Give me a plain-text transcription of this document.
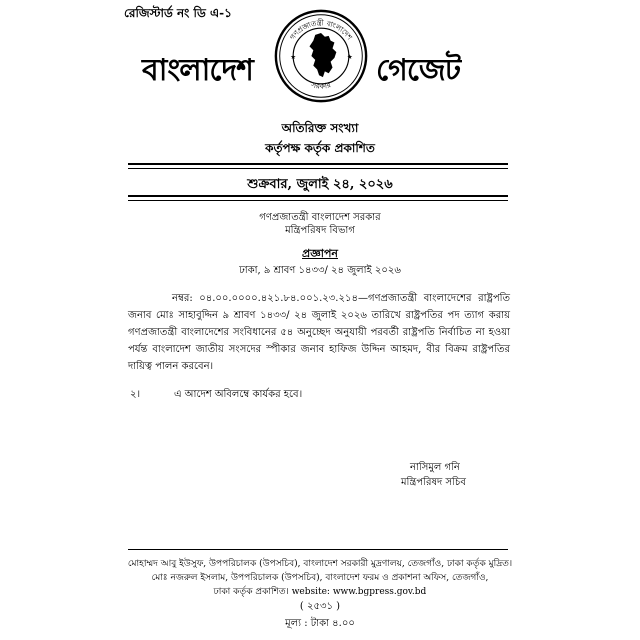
রেজিস্টার্ড নং ডি এ-১
বাংলাদেশ
গণপ্রজাতন্ত্রী বাংলাদেশ
সরকার
★	★ গেজেট
অতিরিক্ত সংখ্যা
কর্তৃপক্ষ কর্তৃক প্রকাশিত
শুক্রবার, জুলাই ২৪, ২০২৬
গণপ্রজাতন্ত্রী বাংলাদেশ সরকার
মন্ত্রিপরিষদ বিভাগ
প্রজ্ঞাপন
ঢাকা, ৯ শ্রাবণ ১৪৩৩/ ২৪ জুলাই ২০২৬
নম্বর: ০৪.০০.০০০০.৪২১.৮৪.০০১.২৩.২১৪—গণপ্রজাতন্ত্রী বাংলাদেশের রাষ্ট্রপতি জনাব মোঃ সাহাবুদ্দিন ৯ শ্রাবণ ১৪৩৩/ ২৪ জুলাই ২০২৬ তারিখে রাষ্ট্রপতির পদ ত্যাগ করায় গণপ্রজাতন্ত্রী বাংলাদেশের সংবিধানের ৫৪ অনুচ্ছেদ অনুযায়ী পরবর্তী রাষ্ট্রপতি নির্বাচিত না হওয়া পর্যন্ত বাংলাদেশ জাতীয় সংসদের স্পীকার জনাব হাফিজ উদ্দিন আহমদ, বীর বিক্রম রাষ্ট্রপতির দায়িত্ব পালন করবেন।
২।	এ আদেশ অবিলম্বে কার্যকর হবে।
নাসিমুল গনি
মন্ত্রিপরিষদ সচিব
মোহাম্মদ আবু ইউসুফ, উপপরিচালক (উপসচিব), বাংলাদেশ সরকারী মুদ্রণালয়, তেজগাঁও, ঢাকা কর্তৃক মুদ্রিত।
মোঃ নজরুল ইসলাম, উপপরিচালক (উপসচিব), বাংলাদেশ ফরম ও প্রকাশনা অফিস, তেজগাঁও,
ঢাকা কর্তৃক প্রকাশিত। website: www.bgpress.gov.bd
( ২৫৩১ )
মূল্য : টাকা ৪.০০
